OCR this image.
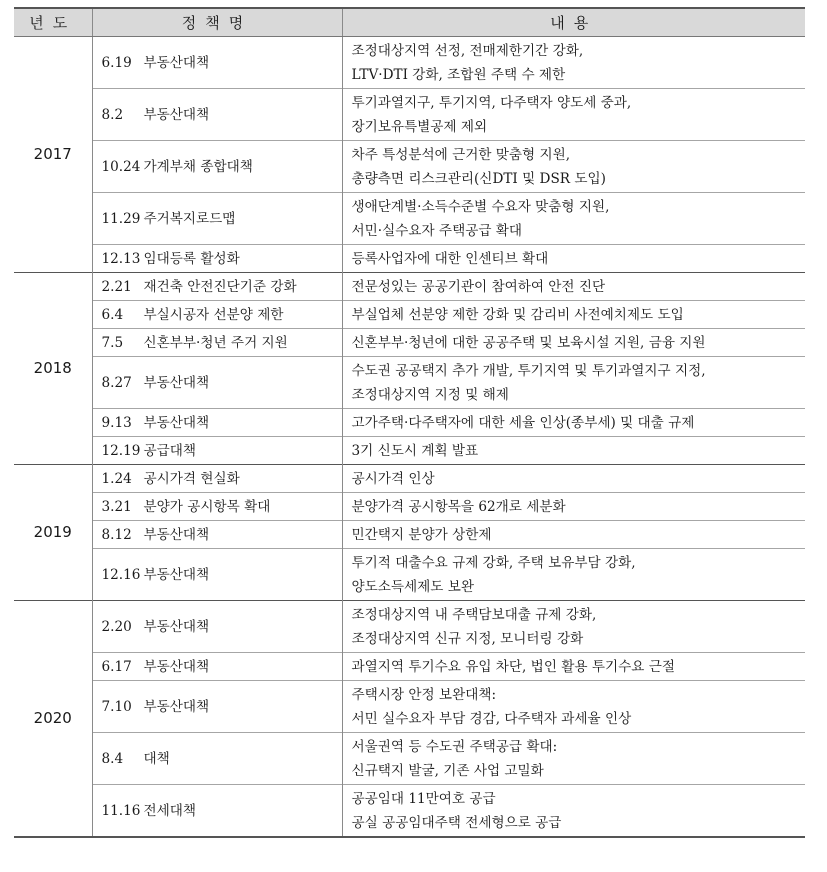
년도	정책명	내용
2017	6.19 부동산대책	조정대상지역 선정, 전매제한기간 강화,
LTV·DTI 강화, 조합원 주택 수 제한

	8.2 부동산대책	투기과열지구, 투기지역, 다주택자 양도세 중과,
장기보유특별공제 제외

	10.24 가계부채 종합대책	차주 특성분석에 근거한 맞춤형 지원,
총량측면 리스크관리(신DTI 및 DSR 도입)

	11.29 주거복지로드맵	생애단계별·소득수준별 수요자 맞춤형 지원,
서민·실수요자 주택공급 확대

	12.13 임대등록 활성화	등록사업자에 대한 인센티브 확대

2018	2.21 재건축 안전진단기준 강화	전문성있는 공공기관이 참여하여 안전 진단

	6.4 부실시공자 선분양 제한	부실업체 선분양 제한 강화 및 감리비 사전예치제도 도입

	7.5 신혼부부·청년 주거 지원	신혼부부·청년에 대한 공공주택 및 보육시설 지원, 금융 지원

	8.27 부동산대책	수도권 공공택지 추가 개발, 투기지역 및 투기과열지구 지정,
조정대상지역 지정 및 해제

	9.13 부동산대책	고가주택·다주택자에 대한 세율 인상(종부세) 및 대출 규제

	12.19 공급대책	3기 신도시 계획 발표

2019	1.24 공시가격 현실화	공시가격 인상

	3.21 분양가 공시항목 확대	분양가격 공시항목을 62개로 세분화

	8.12 부동산대책	민간택지 분양가 상한제

	12.16 부동산대책	투기적 대출수요 규제 강화, 주택 보유부담 강화,
양도소득세제도 보완

2020	2.20 부동산대책	조정대상지역 내 주택담보대출 규제 강화,
조정대상지역 신규 지정, 모니터링 강화

	6.17 부동산대책	과열지역 투기수요 유입 차단, 법인 활용 투기수요 근절

	7.10 부동산대책	주택시장 안정 보완대책:
서민 실수요자 부담 경감, 다주택자 과세율 인상

	8.4 대책	서울권역 등 수도권 주택공급 확대:
신규택지 발굴, 기존 사업 고밀화

	11.16 전세대책	공공임대 11만여호 공급
공실 공공임대주택 전세형으로 공급
